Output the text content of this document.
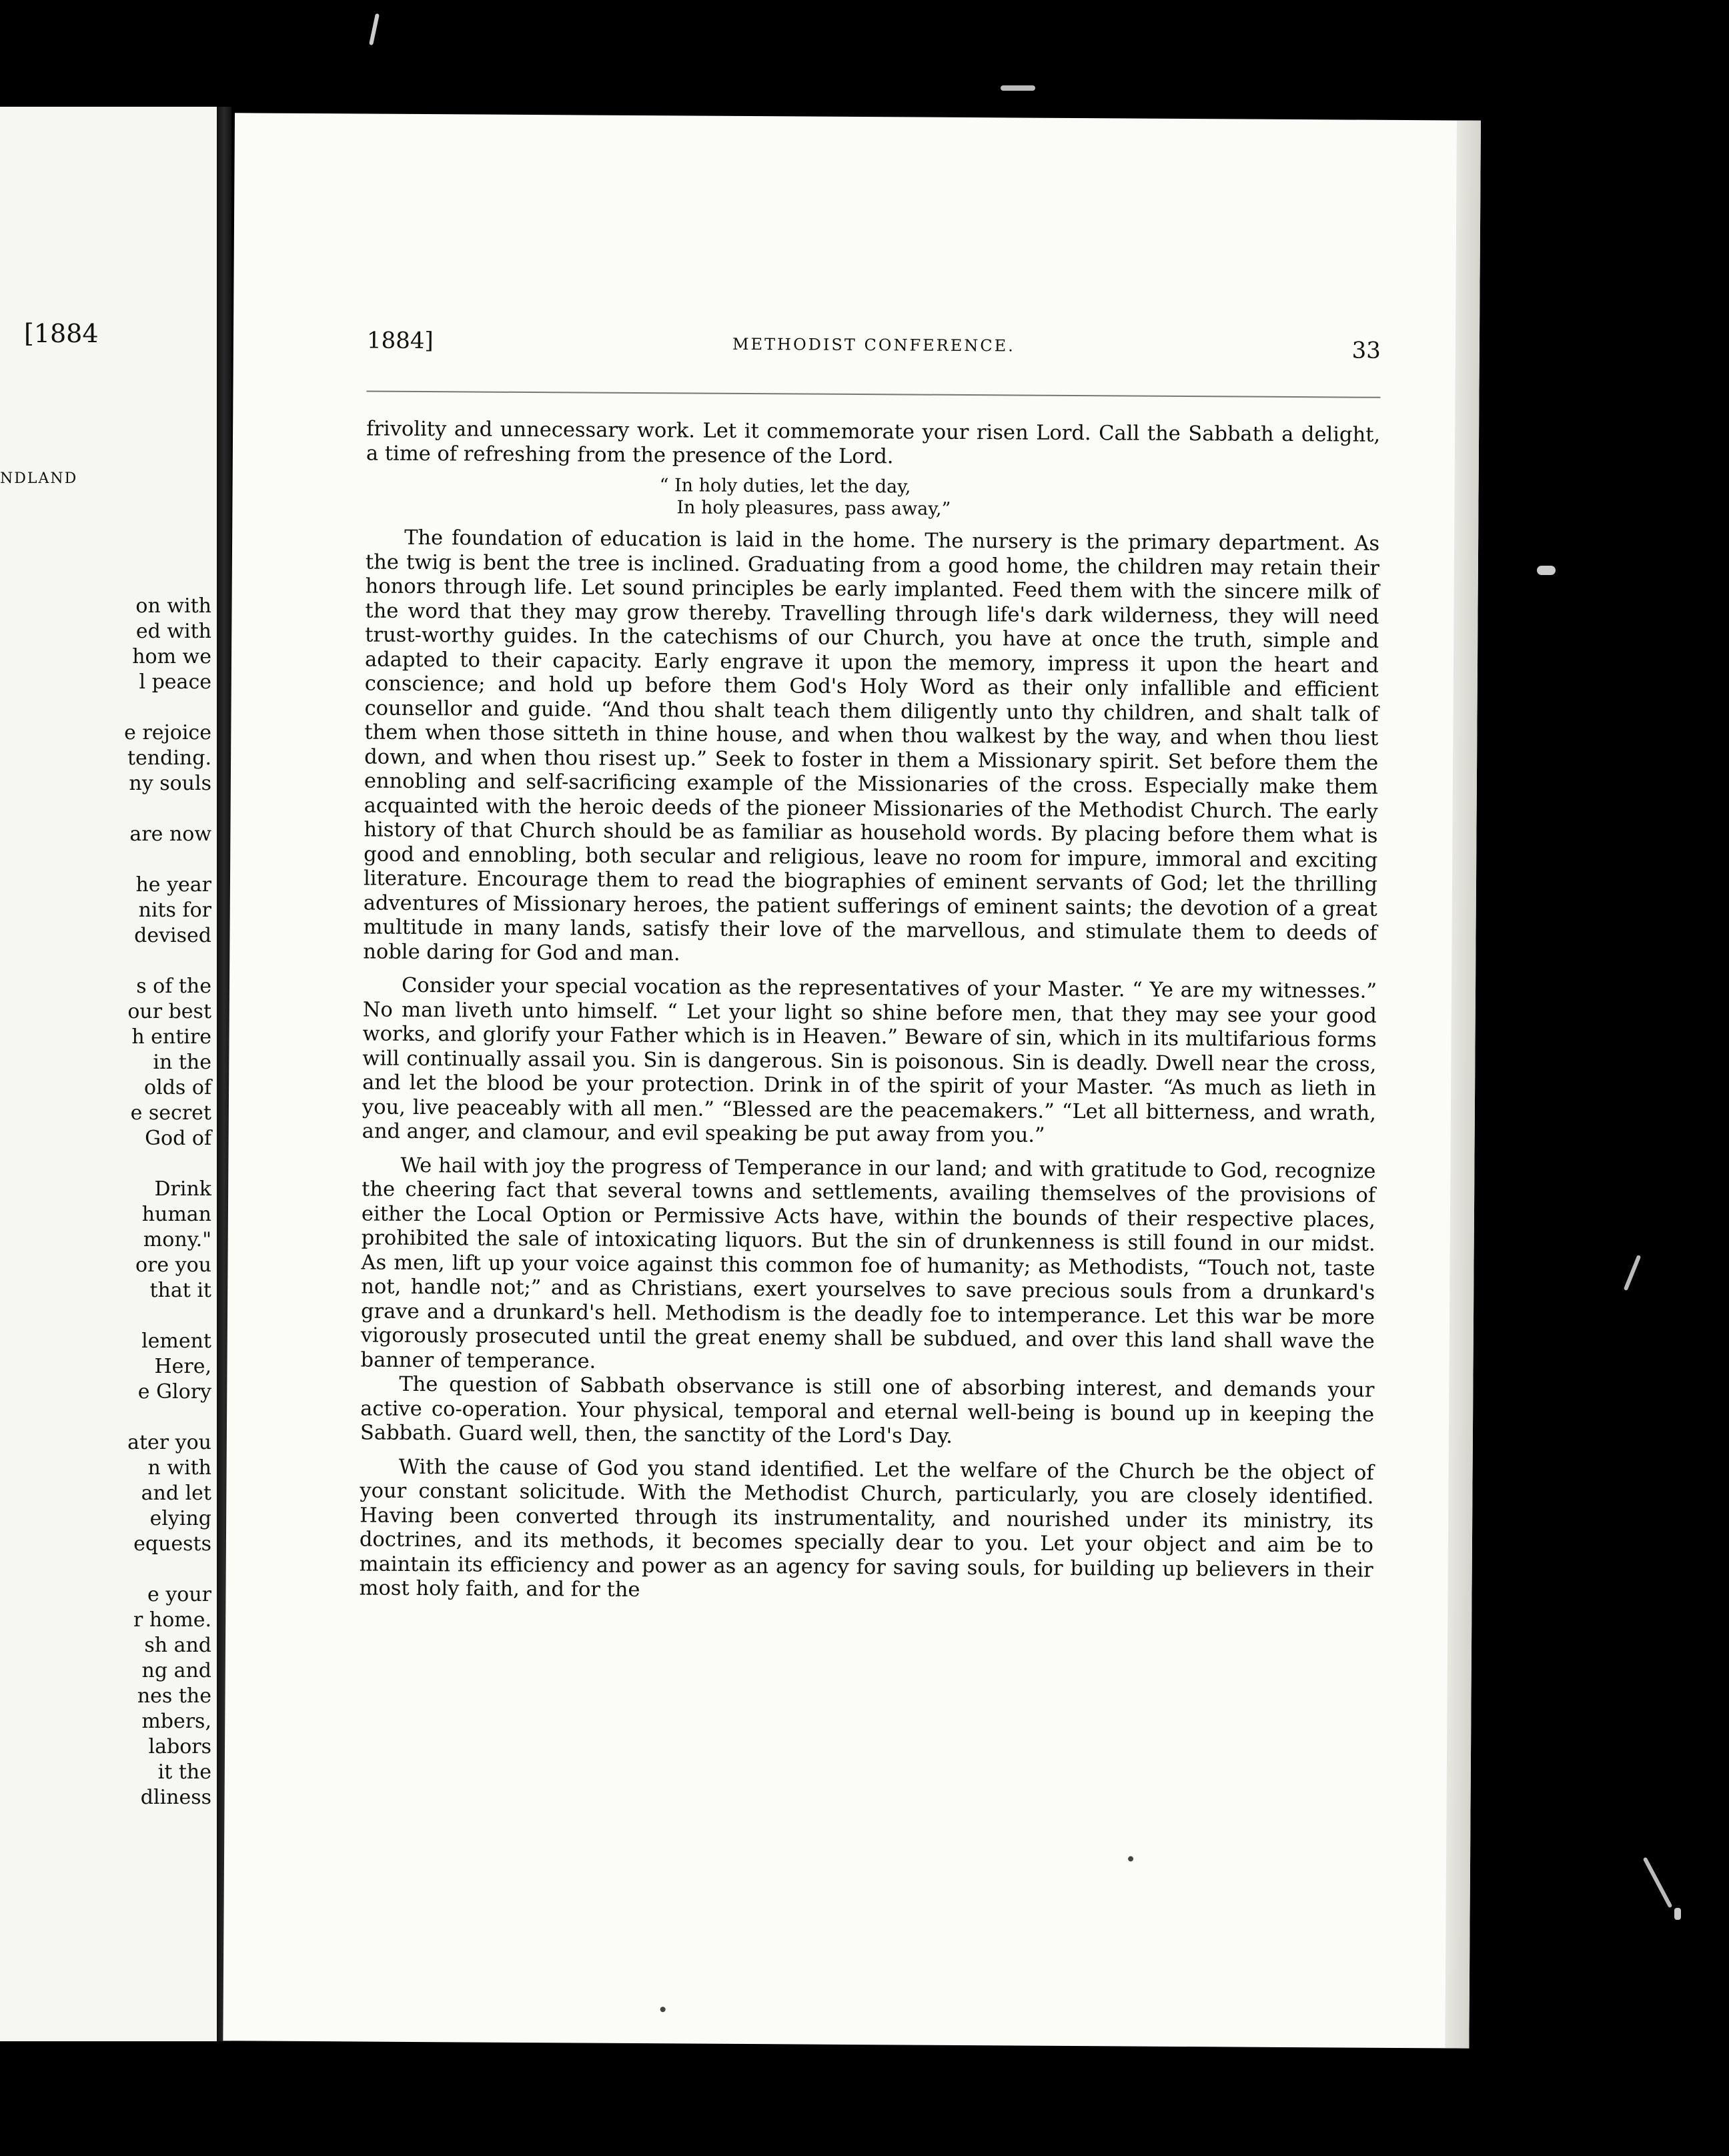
[1884
NDLAND
on with
ed with
hom we
l peace
e rejoice
tending.
ny souls
are now
he year
nits for
devised
s of the
our best
h entire
in the
olds of
e secret
God of
Drink
human
mony."
ore you
that it
lement
Here,
e Glory
ater you
n with
and let
elying
equests
e your
r home.
sh and
ng and
nes the
mbers,
labors
it the
dliness
1884]	METHODIST CONFERENCE.	33

frivolity and unnecessary work. Let it commemorate your risen Lord. Call the Sabbath a delight, a time of refreshing from the presence of the Lord.

“ In holy duties, let the day,
In holy pleasures, pass away,”

The foundation of education is laid in the home. The nursery is the primary department. As the twig is bent the tree is inclined. Graduating from a good home, the children may retain their honors through life. Let sound principles be early implanted. Feed them with the sincere milk of the word that they may grow thereby. Travelling through life's dark wilderness, they will need trust-worthy guides. In the catechisms of our Church, you have at once the truth, simple and adapted to their capacity. Early engrave it upon the memory, impress it upon the heart and conscience; and hold up before them God's Holy Word as their only infallible and efficient counsellor and guide. “And thou shalt teach them diligently unto thy children, and shalt talk of them when those sitteth in thine house, and when thou walkest by the way, and when thou liest down, and when thou risest up.” Seek to foster in them a Missionary spirit. Set before them the ennobling and self-sacrificing example of the Missionaries of the cross. Especially make them acquainted with the heroic deeds of the pioneer Missionaries of the Methodist Church. The early history of that Church should be as familiar as household words. By placing before them what is good and ennobling, both secular and religious, leave no room for impure, immoral and exciting literature. Encourage them to read the biographies of eminent servants of God; let the thrilling adventures of Missionary heroes, the patient sufferings of eminent saints; the devotion of a great multitude in many lands, satisfy their love of the marvellous, and stimulate them to deeds of noble daring for God and man.

Consider your special vocation as the representatives of your Master. “ Ye are my witnesses.” No man liveth unto himself. “ Let your light so shine before men, that they may see your good works, and glorify your Father which is in Heaven.” Beware of sin, which in its multifarious forms will continually assail you. Sin is dangerous. Sin is poisonous. Sin is deadly. Dwell near the cross, and let the blood be your protection. Drink in of the spirit of your Master. “As much as lieth in you, live peaceably with all men.” “Blessed are the peacemakers.” “Let all bitterness, and wrath, and anger, and clamour, and evil speaking be put away from you.”

We hail with joy the progress of Temperance in our land; and with gratitude to God, recognize the cheering fact that several towns and settlements, availing themselves of the provisions of either the Local Option or Permissive Acts have, within the bounds of their respective places, prohibited the sale of intoxicating liquors. But the sin of drunkenness is still found in our midst. As men, lift up your voice against this common foe of humanity; as Methodists, “Touch not, taste not, handle not;” and as Christians, exert yourselves to save precious souls from a drunkard's grave and a drunkard's hell. Methodism is the deadly foe to intemperance. Let this war be more vigorously prosecuted until the great enemy shall be subdued, and over this land shall wave the banner of temperance.

The question of Sabbath observance is still one of absorbing interest, and demands your active co-operation. Your physical, temporal and eternal well-being is bound up in keeping the Sabbath. Guard well, then, the sanctity of the Lord's Day.

With the cause of God you stand identified. Let the welfare of the Church be the object of your constant solicitude. With the Methodist Church, particularly, you are closely identified. Having been converted through its instrumentality, and nourished under its ministry, its doctrines, and its methods, it becomes specially dear to you. Let your object and aim be to maintain its efficiency and power as an agency for saving souls, for building up believers in their most holy faith, and for the
